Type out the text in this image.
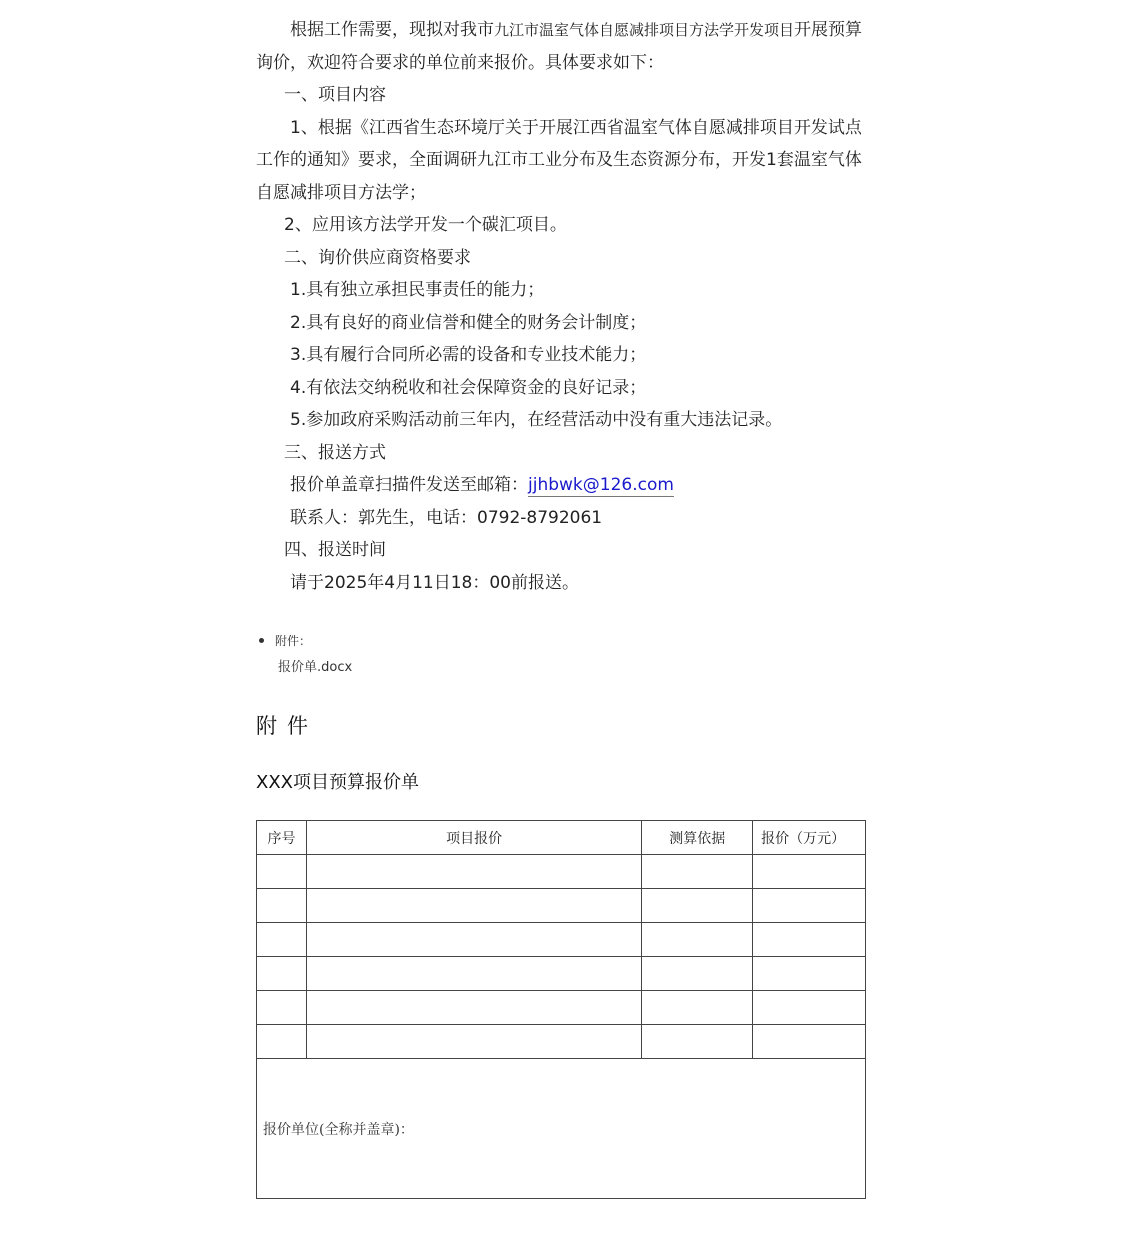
根据工作需要，现拟对我市九江市温室气体自愿减排项目方法学开发项目开展预算询价，欢迎符合要求的单位前来报价。具体要求如下：

一、项目内容

1、根据《江西省生态环境厅关于开展江西省温室气体自愿减排项目开发试点工作的通知》要求，全面调研九江市工业分布及生态资源分布，开发1套温室气体自愿减排项目方法学；

2、应用该方法学开发一个碳汇项目。

二、询价供应商资格要求

1.具有独立承担民事责任的能力；

2.具有良好的商业信誉和健全的财务会计制度；

3.具有履行合同所必需的设备和专业技术能力；

4.有依法交纳税收和社会保障资金的良好记录；

5.参加政府采购活动前三年内，在经营活动中没有重大违法记录。

三、报送方式

报价单盖章扫描件发送至邮箱：jjhbwk@126.com

联系人：郭先生，电话：0792-8792061

四、报送时间

请于2025年4月11日18：00前报送。

附件：
报价单.docx
附件
XXX项目预算报价单
序号	项目报价	测算依据	报价（万元）

报价单位(全称并盖章)：			
